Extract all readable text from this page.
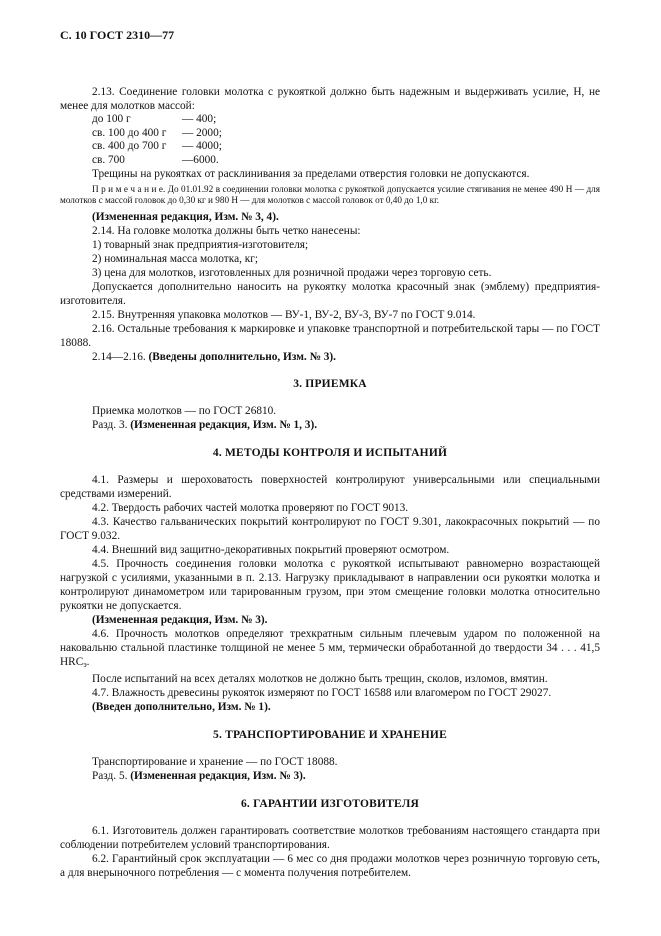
С. 10 ГОСТ 2310—77

2.13. Соединение головки молотка с рукояткой должно быть надежным и выдерживать усилие, Н, не менее для молотков массой:

до 100 г	— 400;
св. 100 до 400 г	— 2000;
св. 400 до 700 г	— 4000;
св. 700	—6000.

Трещины на рукоятках от расклинивания за пределами отверстия головки не допускаются.

П р и м е ч а н и е. До 01.01.92 в соединении головки молотка с рукояткой допускается усилие стягивания не менее 490 Н — для молотков с массой головок до 0,30 кг и 980 Н — для молотков с массой головок от 0,40 до 1,0 кг.

(Измененная редакция, Изм. № 3, 4).

2.14. На головке молотка должны быть четко нанесены:

1) товарный знак предприятия-изготовителя;

2) номинальная масса молотка, кг;

3) цена для молотков, изготовленных для розничной продажи через торговую сеть.

Допускается дополнительно наносить на рукоятку молотка красочный знак (эмблему) предприятия-изготовителя.

2.15. Внутренняя упаковка молотков — ВУ-1, ВУ-2, ВУ-3, ВУ-7 по ГОСТ 9.014.

2.16. Остальные требования к маркировке и упаковке транспортной и потребительской тары — по ГОСТ 18088.

2.14—2.16. (Введены дополнительно, Изм. № 3).

3. ПРИЕМКА

Приемка молотков — по ГОСТ 26810.

Разд. 3. (Измененная редакция, Изм. № 1, 3).

4. МЕТОДЫ КОНТРОЛЯ И ИСПЫТАНИЙ

4.1. Размеры и шероховатость поверхностей контролируют универсальными или специальными средствами измерений.

4.2. Твердость рабочих частей молотка проверяют по ГОСТ 9013.

4.3. Качество гальванических покрытий контролируют по ГОСТ 9.301, лакокрасочных покрытий — по ГОСТ 9.032.

4.4. Внешний вид защитно-декоративных покрытий проверяют осмотром.

4.5. Прочность соединения головки молотка с рукояткой испытывают равномерно возрастающей нагрузкой с усилиями, указанными в п. 2.13. Нагрузку прикладывают в направлении оси рукоятки молотка и контролируют динамометром или тарированным грузом, при этом смещение головки молотка относительно рукоятки не допускается.

(Измененная редакция, Изм. № 3).

4.6. Прочность молотков определяют трехкратным сильным плечевым ударом по положенной на наковальню стальной пластинке толщиной не менее 5 мм, термически обработанной до твердости 34 . . . 41,5 $HRC_э$.

После испытаний на всех деталях молотков не должно быть трещин, сколов, изломов, вмятин.

4.7. Влажность древесины рукояток измеряют по ГОСТ 16588 или влагомером по ГОСТ 29027.

(Введен дополнительно, Изм. № 1).

5. ТРАНСПОРТИРОВАНИЕ И ХРАНЕНИЕ

Транспортирование и хранение — по ГОСТ 18088.

Разд. 5. (Измененная редакция, Изм. № 3).

6. ГАРАНТИИ ИЗГОТОВИТЕЛЯ

6.1. Изготовитель должен гарантировать соответствие молотков требованиям настоящего стандарта при соблюдении потребителем условий транспортирования.

6.2. Гарантийный срок эксплуатации — 6 мес со дня продажи молотков через розничную торговую сеть, а для внерыночного потребления — с момента получения потребителем.
